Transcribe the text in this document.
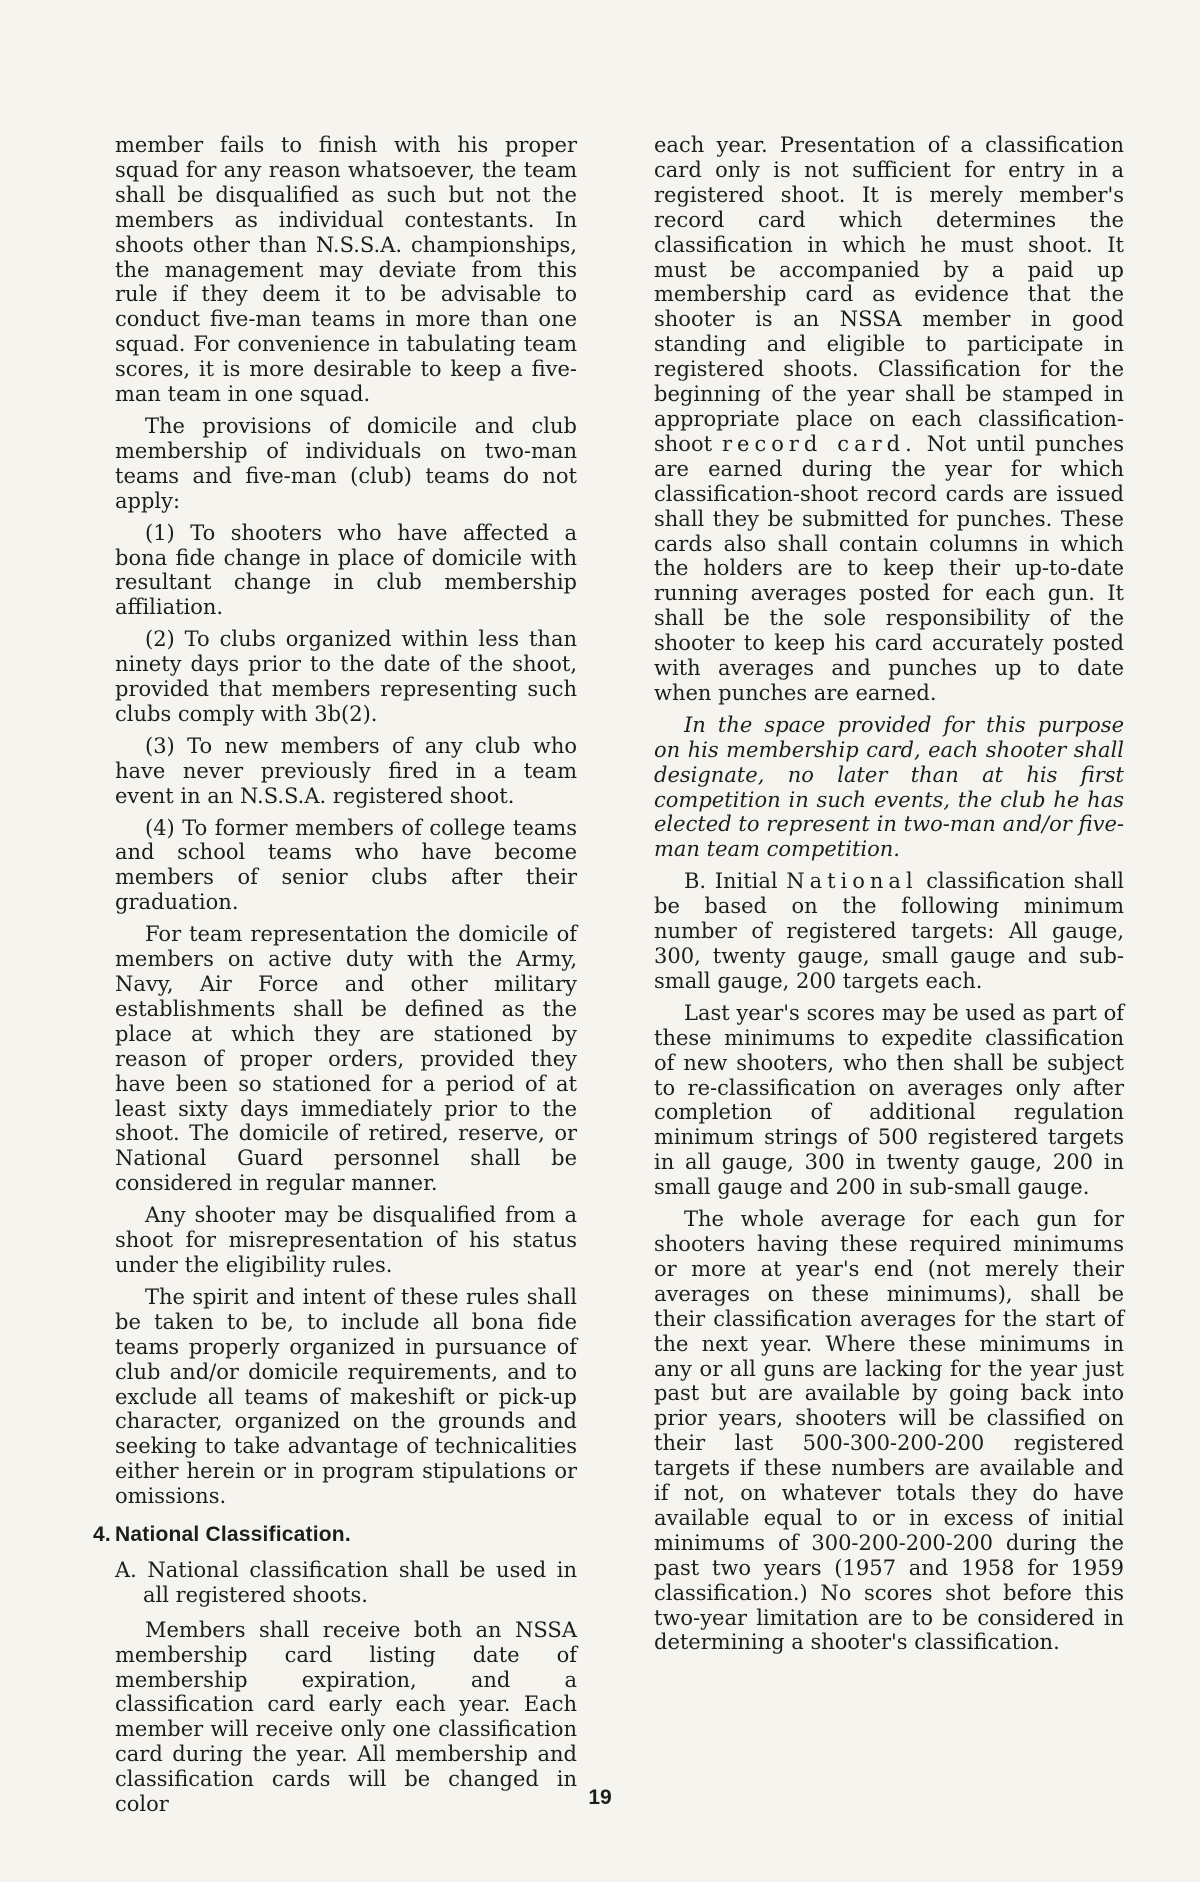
member fails to finish with his proper squad for any reason whatsoever, the team shall be disqualified as such but not the members as individual contestants. In shoots other than N.S.S.A. championships, the management may deviate from this rule if they deem it to be advisable to conduct five-man teams in more than one squad. For convenience in tabulating team scores, it is more desirable to keep a five-man team in one squad.

The provisions of domicile and club membership of individuals on two-man teams and five-man (club) teams do not apply:

(1) To shooters who have affected a bona fide change in place of domicile with resultant change in club membership affiliation.

(2) To clubs organized within less than ninety days prior to the date of the shoot, provided that members representing such clubs comply with 3b(2).

(3) To new members of any club who have never previously fired in a team event in an N.S.S.A. registered shoot.

(4) To former members of college teams and school teams who have become members of senior clubs after their graduation.

For team representation the domicile of members on active duty with the Army, Navy, Air Force and other military establishments shall be defined as the place at which they are stationed by reason of proper orders, provided they have been so stationed for a period of at least sixty days immediately prior to the shoot. The domicile of retired, reserve, or National Guard personnel shall be considered in regular manner.

Any shooter may be disqualified from a shoot for misrepresentation of his status under the eligibility rules.

The spirit and intent of these rules shall be taken to be, to include all bona fide teams properly organized in pursuance of club and/or domicile requirements, and to exclude all teams of makeshift or pick-up character, organized on the grounds and seeking to take advantage of technicalities either herein or in program stipulations or omissions.

4. National Classification.

A. National classification shall be used in all registered shoots.

Members shall receive both an NSSA membership card listing date of membership expiration, and a classification card early each year. Each member will receive only one classification card during the year. All membership and classification cards will be changed in color

each year. Presentation of a classification card only is not sufficient for entry in a registered shoot. It is merely member's record card which determines the classification in which he must shoot. It must be accompanied by a paid up membership card as evidence that the shooter is an NSSA member in good standing and eligible to participate in registered shoots. Classification for the beginning of the year shall be stamped in appropriate place on each classification-shoot record card. Not until punches are earned during the year for which classification-shoot record cards are issued shall they be submitted for punches. These cards also shall contain columns in which the holders are to keep their up-to-date running averages posted for each gun. It shall be the sole responsibility of the shooter to keep his card accurately posted with averages and punches up to date when punches are earned.

In the space provided for this purpose on his membership card, each shooter shall designate, no later than at his first competition in such events, the club he has elected to represent in two-man and/or five-man team competition.

B. Initial National classification shall be based on the following minimum number of registered targets: All gauge, 300, twenty gauge, small gauge and sub-small gauge, 200 targets each.

Last year's scores may be used as part of these minimums to expedite classification of new shooters, who then shall be subject to re-classification on averages only after completion of additional regulation minimum strings of 500 registered targets in all gauge, 300 in twenty gauge, 200 in small gauge and 200 in sub-small gauge.

The whole average for each gun for shooters having these required minimums or more at year's end (not merely their averages on these minimums), shall be their classification averages for the start of the next year. Where these minimums in any or all guns are lacking for the year just past but are available by going back into prior years, shooters will be classified on their last 500-300-200-200 registered targets if these numbers are available and if not, on whatever totals they do have available equal to or in excess of initial minimums of 300-200-200-200 during the past two years (1957 and 1958 for 1959 classification.) No scores shot before this two-year limitation are to be considered in determining a shooter's classification.

19
